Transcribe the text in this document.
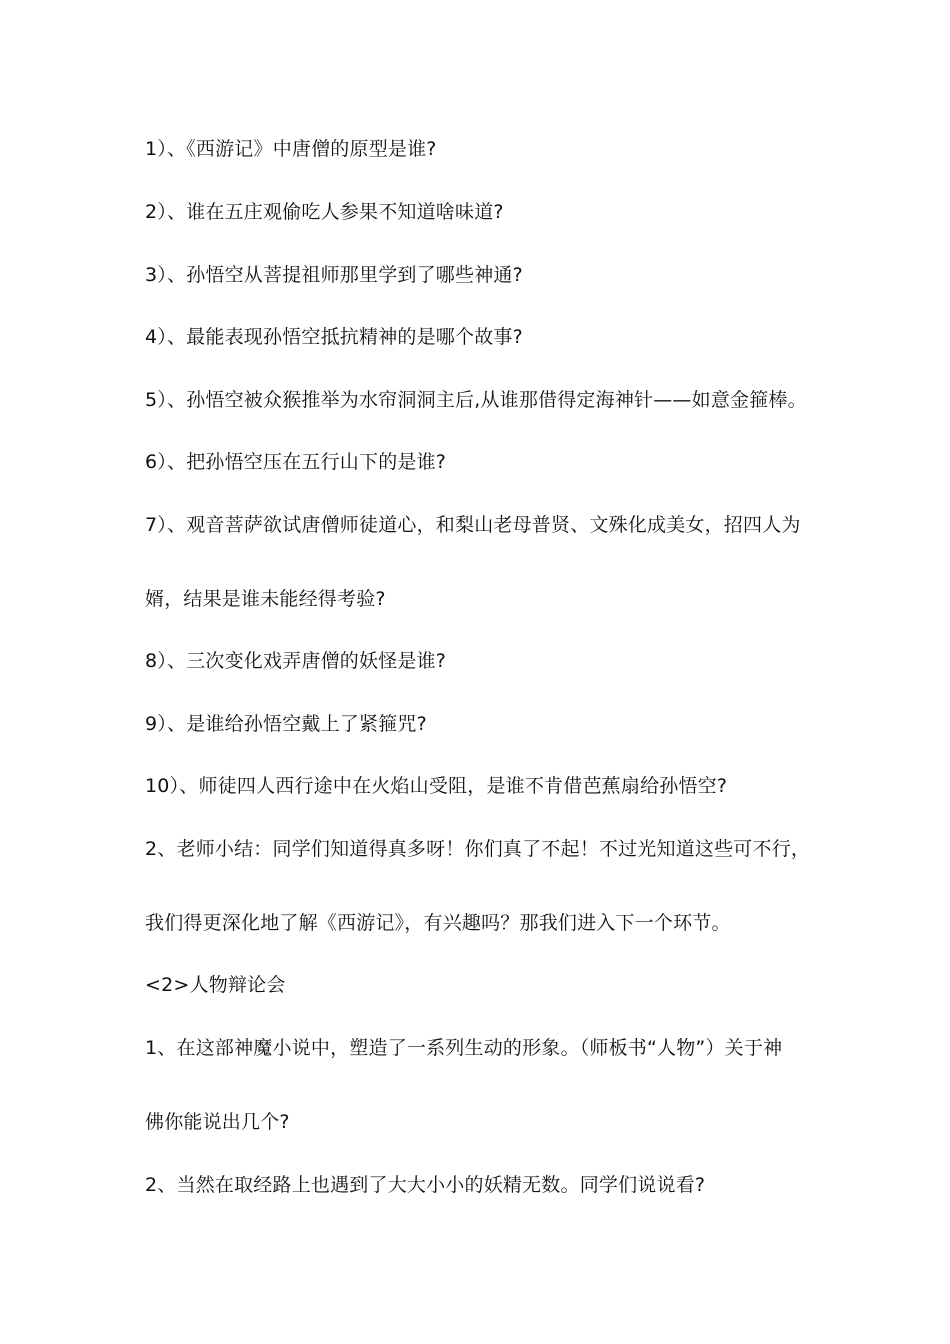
1）、《西游记》中唐僧的原型是谁?
2）、谁在五庄观偷吃人参果不知道啥味道?
3）、孙悟空从菩提祖师那里学到了哪些神通?
4）、最能表现孙悟空抵抗精神的是哪个故事?
5）、孙悟空被众猴推举为水帘洞洞主后,从谁那借得定海神针——如意金箍棒。
6）、把孙悟空压在五行山下的是谁?
7）、观音菩萨欲试唐僧师徒道心，和梨山老母普贤、文殊化成美女，招四人为
婿，结果是谁未能经得考验?
8）、三次变化戏弄唐僧的妖怪是谁?
9）、是谁给孙悟空戴上了紧箍咒?
10）、师徒四人西行途中在火焰山受阻，是谁不肯借芭蕉扇给孙悟空?
2、老师小结：同学们知道得真多呀！你们真了不起！不过光知道这些可不行，
我们得更深化地了解《西游记》，有兴趣吗？那我们进入下一个环节。
<2>人物辩论会
1、在这部神魔小说中，塑造了一系列生动的形象。（师板书“人物”）关于神
佛你能说出几个?
2、当然在取经路上也遇到了大大小小的妖精无数。同学们说说看?
